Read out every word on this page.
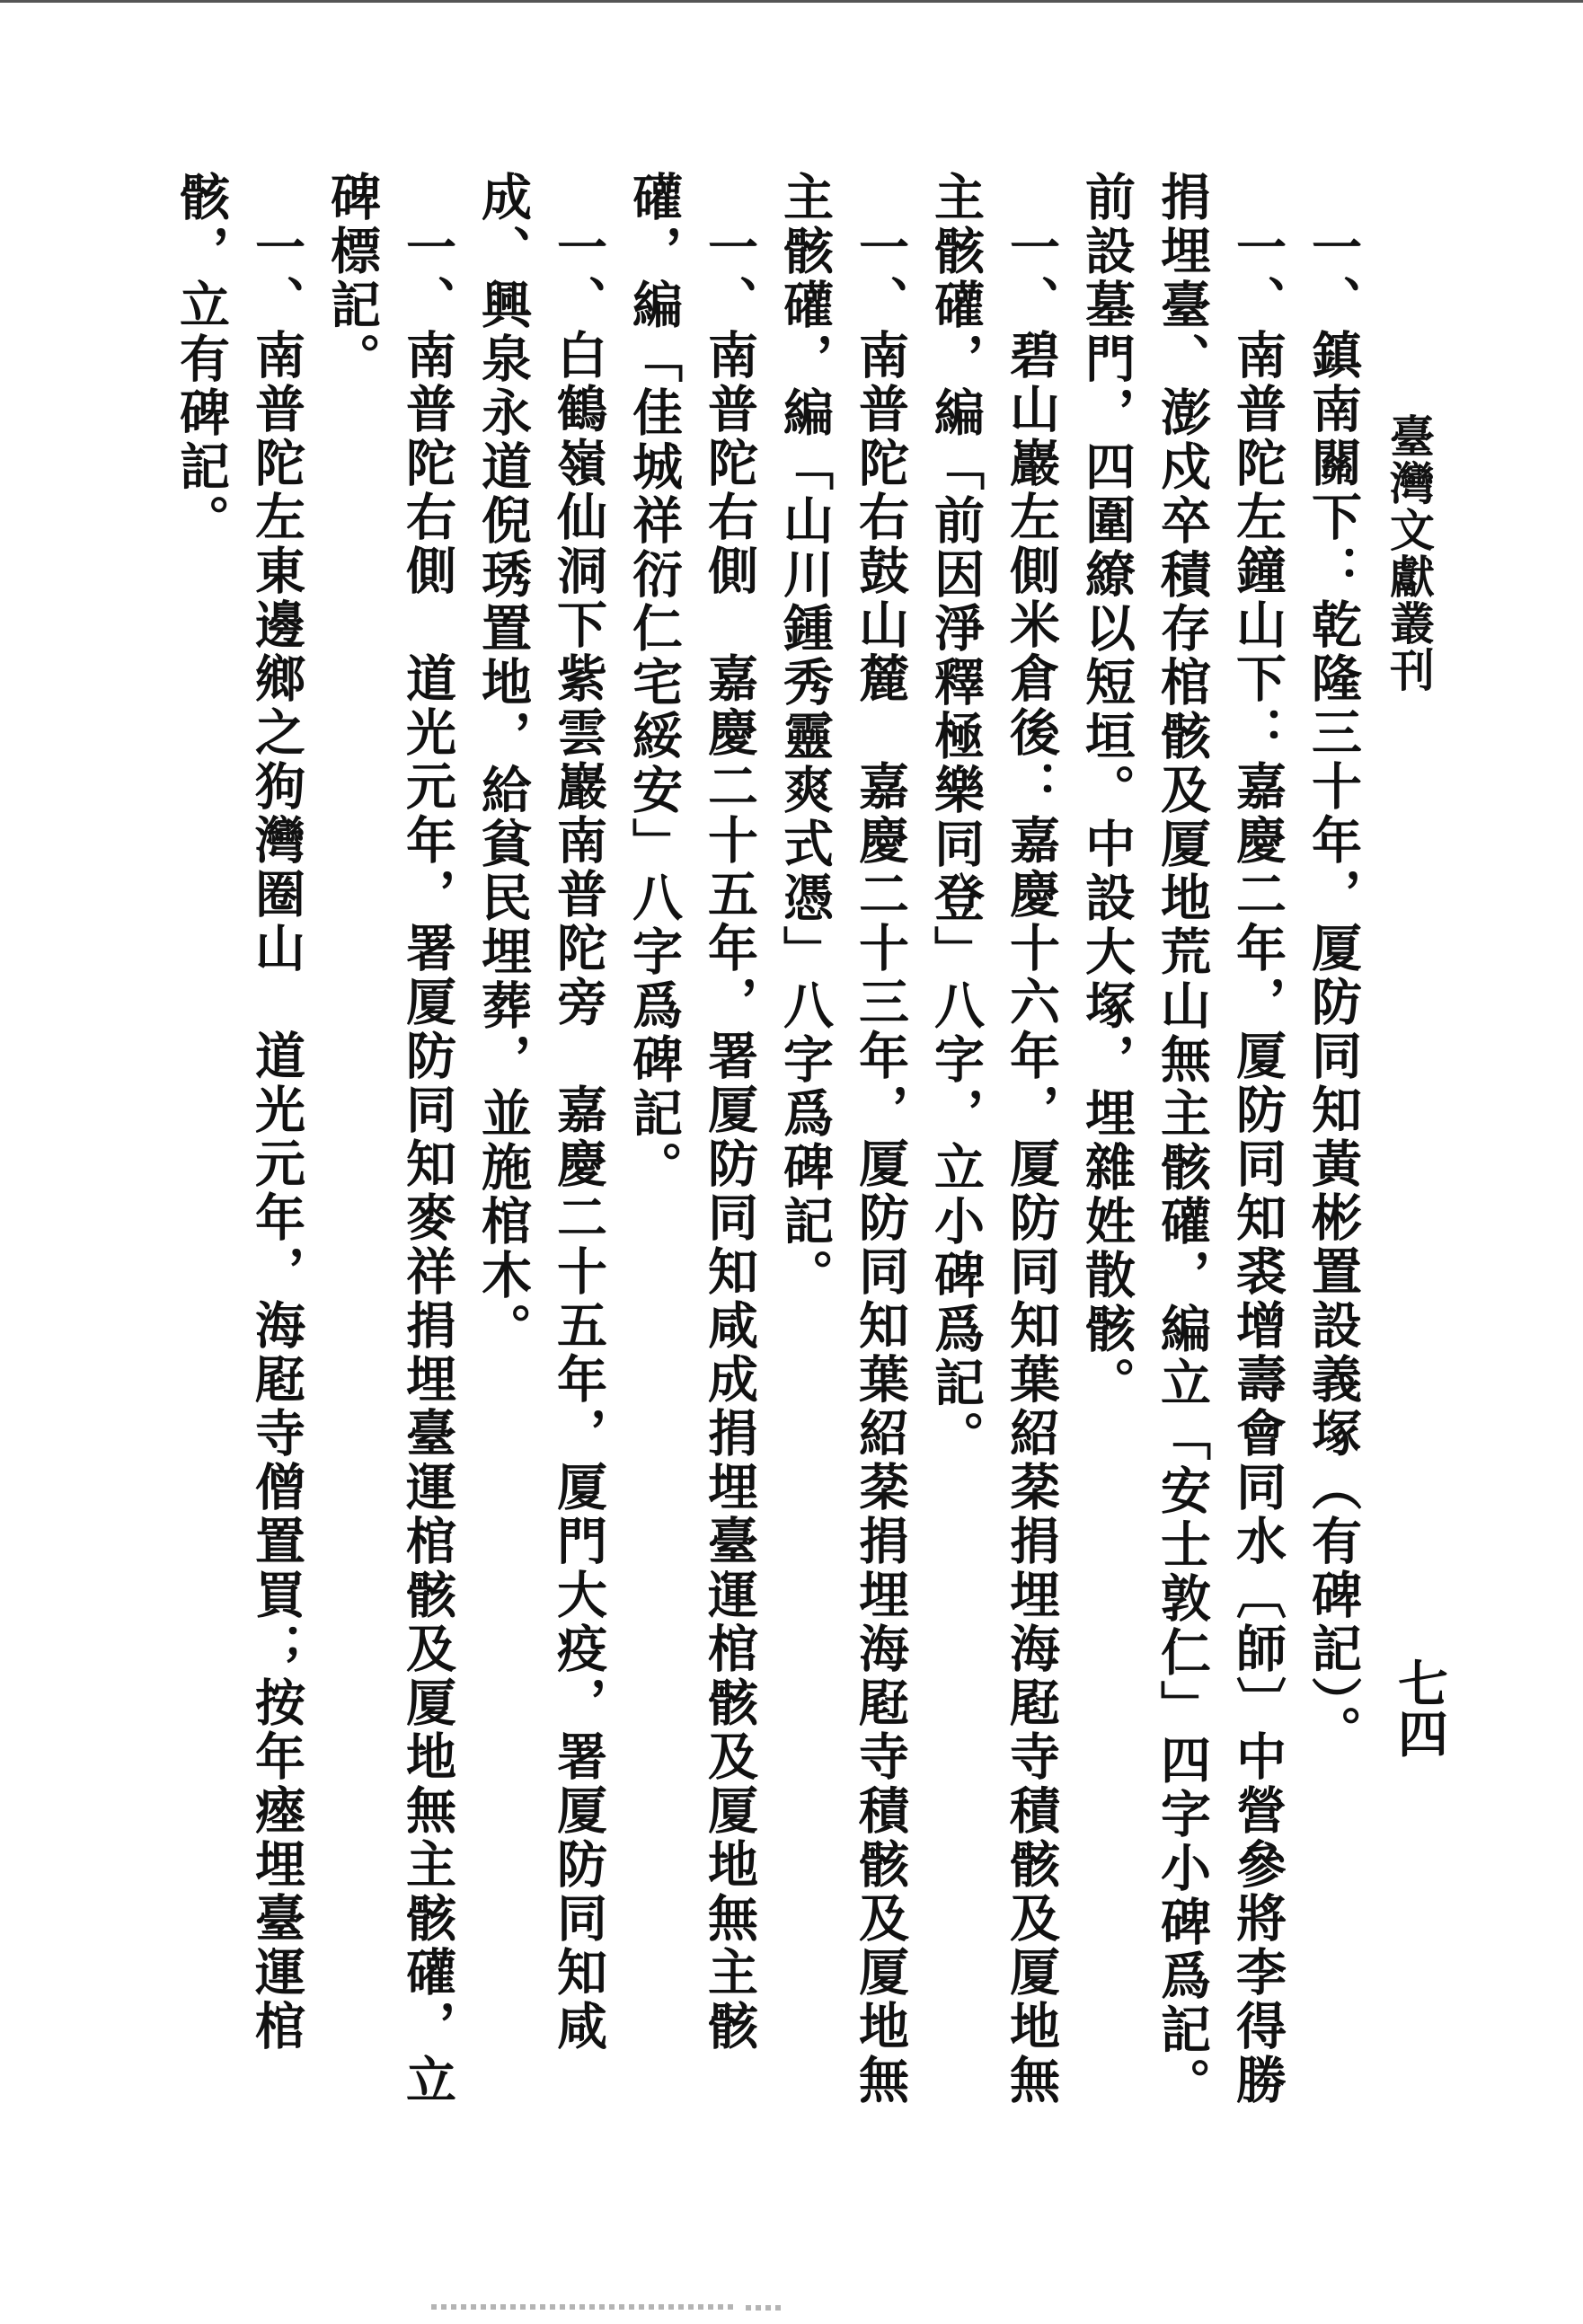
臺灣文獻叢刊
七四

一、鎮南關下：乾隆三十年，厦防同知黃彬置設義塚（有碑記）。

一、南普陀左鐘山下：嘉慶二年，厦防同知裘增壽會同水〔師〕中營參將李得勝捐埋臺、澎戍卒積存棺骸及厦地荒山無主骸礶，編立「安士敦仁」四字小碑爲記。前設墓門，四圍繚以短垣。中設大塚，埋雜姓散骸。

一、碧山巖左側米倉後：嘉慶十六年，厦防同知葉紹棻捐埋海屘寺積骸及厦地無主骸礶，編「前因淨釋極樂同登」八字，立小碑爲記。

一、南普陀右鼓山麓　嘉慶二十三年，厦防同知葉紹棻捐埋海屘寺積骸及厦地無主骸礶，編「山川鍾秀靈爽式憑」八字爲碑記。

一、南普陀右側　嘉慶二十五年，署厦防同知咸成捐埋臺運棺骸及厦地無主骸礶，編「佳城祥衍仁宅綏安」八字爲碑記。

一、白鶴嶺仙洞下紫雲巖南普陀旁　嘉慶二十五年，厦門大疫，署厦防同知咸成、興泉永道倪琇置地，給貧民埋葬，並施棺木。

一、南普陀右側　道光元年，署厦防同知麥祥捐埋臺運棺骸及厦地無主骸礶，立碑標記。

一、南普陀左東邊鄉之狗灣圈山　道光元年，海屘寺僧置買；按年瘞埋臺運棺骸，立有碑記。
